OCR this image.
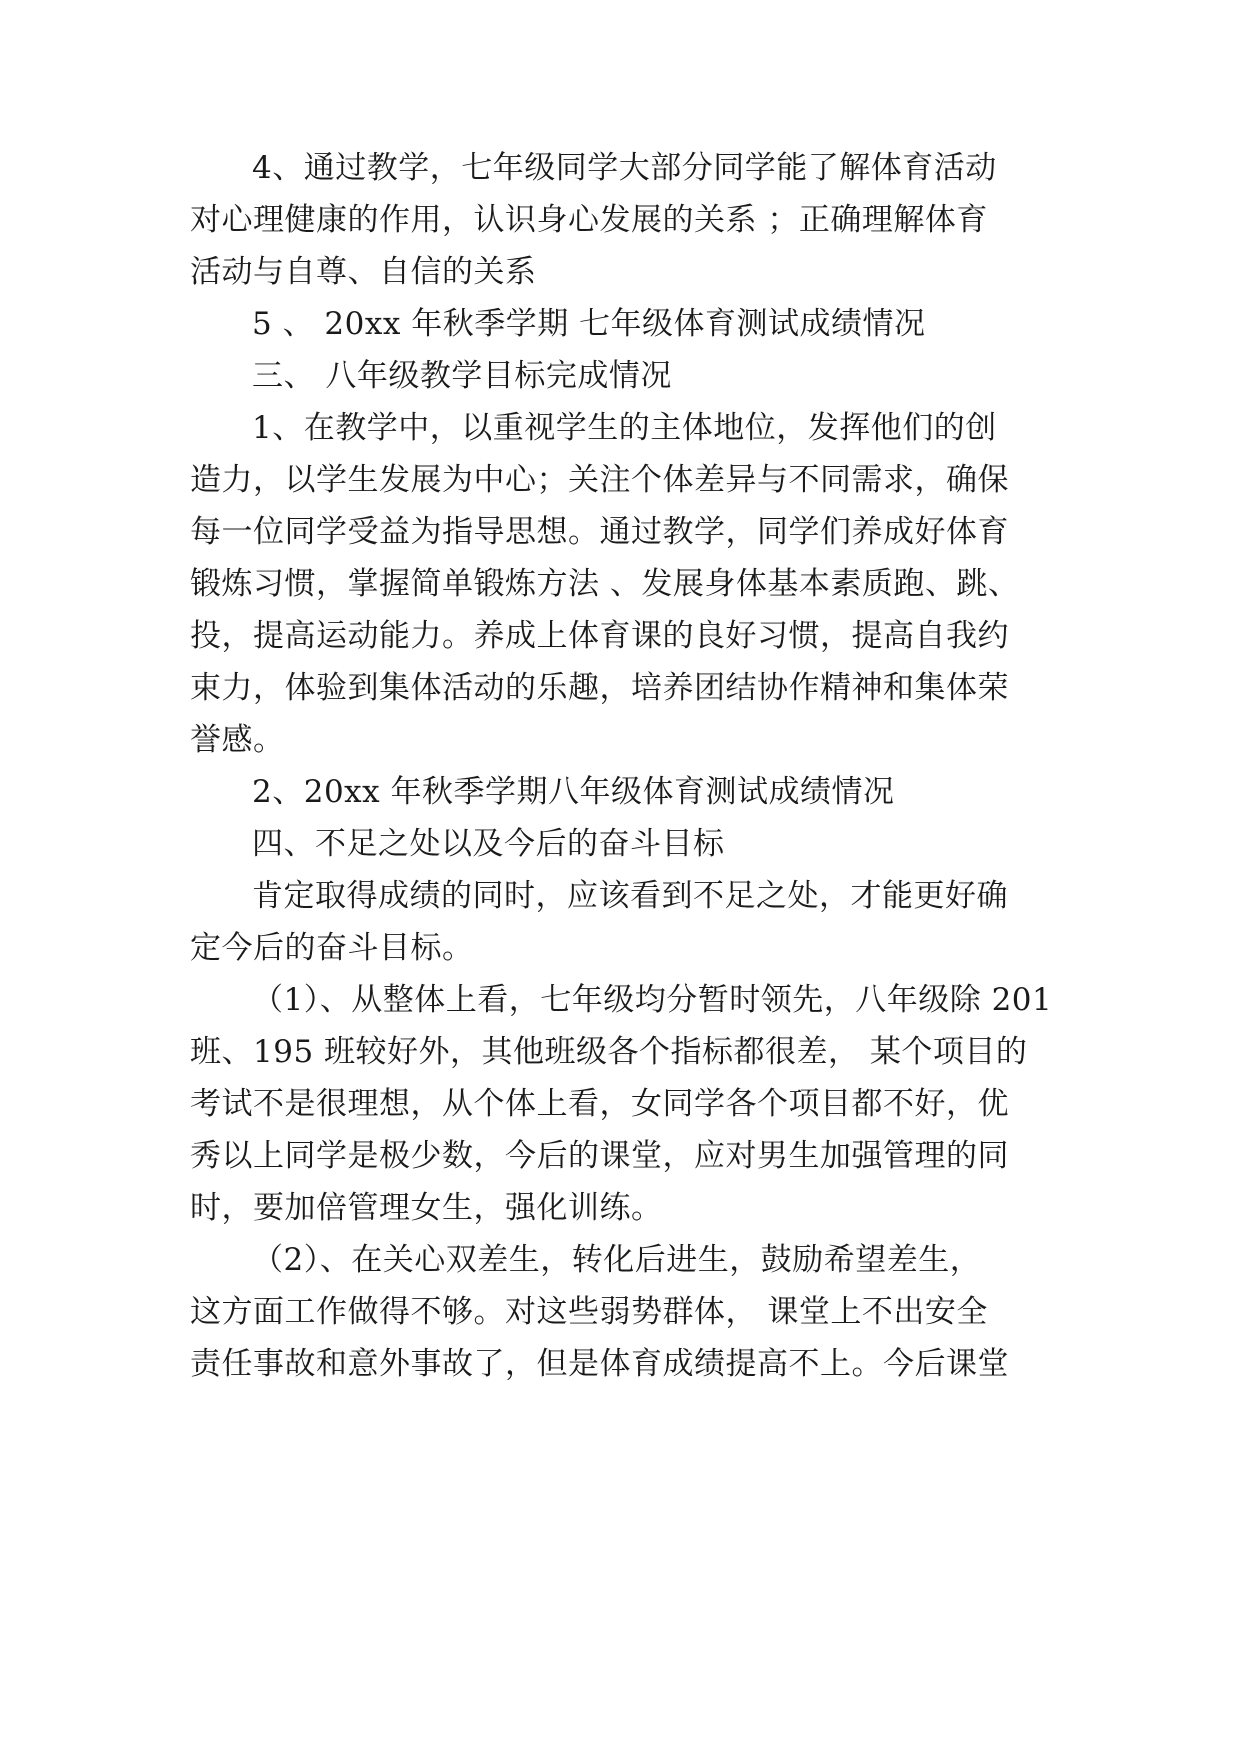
4、通过教学，七年级同学大部分同学能了解体育活动
对心理健康的作用，认识身心发展的关系 ；正确理解体育
活动与自尊、自信的关系
5 、 20xx 年秋季学期 七年级体育测试成绩情况
三、 八年级教学目标完成情况
1、在教学中，以重视学生的主体地位，发挥他们的创
造力，以学生发展为中心；关注个体差异与不同需求，确保
每一位同学受益为指导思想。通过教学，同学们养成好体育
锻炼习惯，掌握简单锻炼方法 、发展身体基本素质跑、跳、
投，提高运动能力。养成上体育课的良好习惯，提高自我约
束力，体验到集体活动的乐趣，培养团结协作精神和集体荣
誉感。
2、20xx 年秋季学期八年级体育测试成绩情况
四、不足之处以及今后的奋斗目标
肯定取得成绩的同时，应该看到不足之处，才能更好确
定今后的奋斗目标。
（1）、从整体上看，七年级均分暂时领先，八年级除 201
班、195 班较好外，其他班级各个指标都很差， 某个项目的
考试不是很理想，从个体上看，女同学各个项目都不好，优
秀以上同学是极少数，今后的课堂，应对男生加强管理的同
时，要加倍管理女生，强化训练。
（2）、在关心双差生，转化后进生，鼓励希望差生，
这方面工作做得不够。对这些弱势群体， 课堂上不出安全
责任事故和意外事故了，但是体育成绩提高不上。今后课堂
